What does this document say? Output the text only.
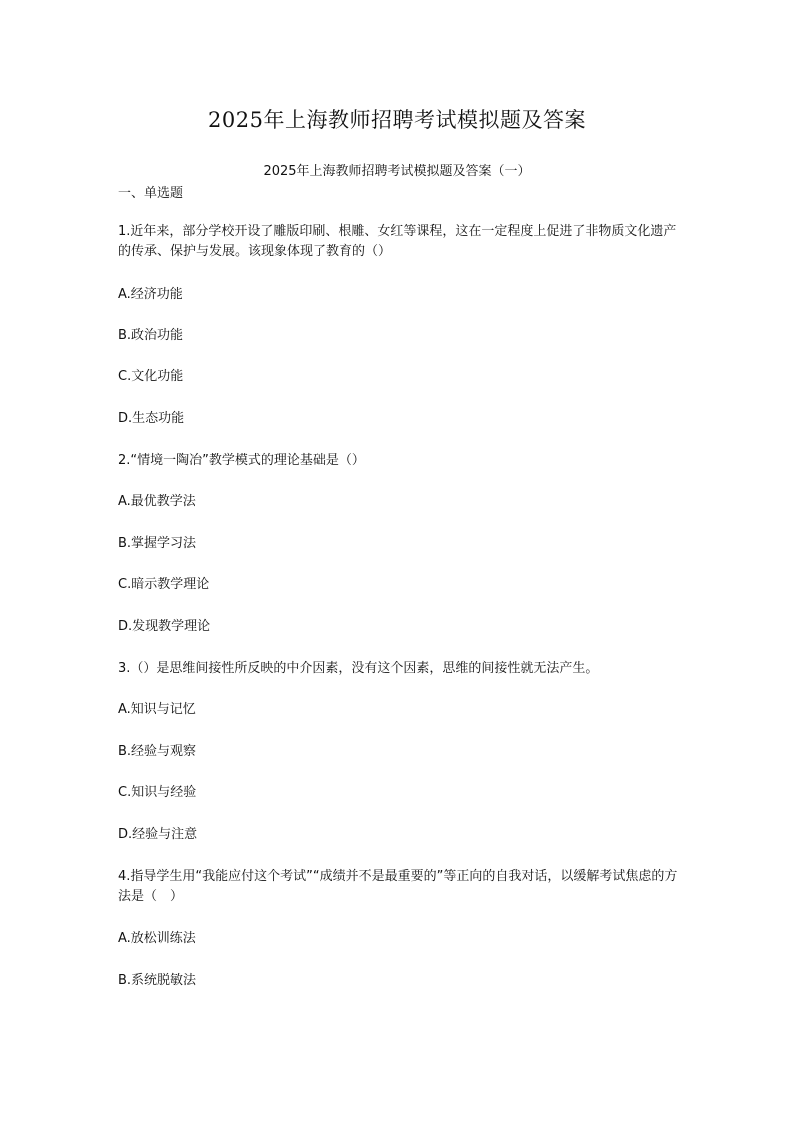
2025年上海教师招聘考试模拟题及答案
2025年上海教师招聘考试模拟题及答案（一）
一、单选题
1.近年来，部分学校开设了雕版印刷、根雕、女红等课程，这在一定程度上促进了非物质文化遗产的传承、保护与发展。该现象体现了教育的（）
A.经济功能
B.政治功能
C.文化功能
D.生态功能
2.“情境一陶冶”教学模式的理论基础是（）
A.最优教学法
B.掌握学习法
C.暗示教学理论
D.发现教学理论
3.（）是思维间接性所反映的中介因素，没有这个因素，思维的间接性就无法产生。
A.知识与记忆
B.经验与观察
C.知识与经验
D.经验与注意
4.指导学生用“我能应付这个考试”“成绩并不是最重要的”等正向的自我对话，以缓解考试焦虑的方法是（　）
A.放松训练法
B.系统脱敏法
